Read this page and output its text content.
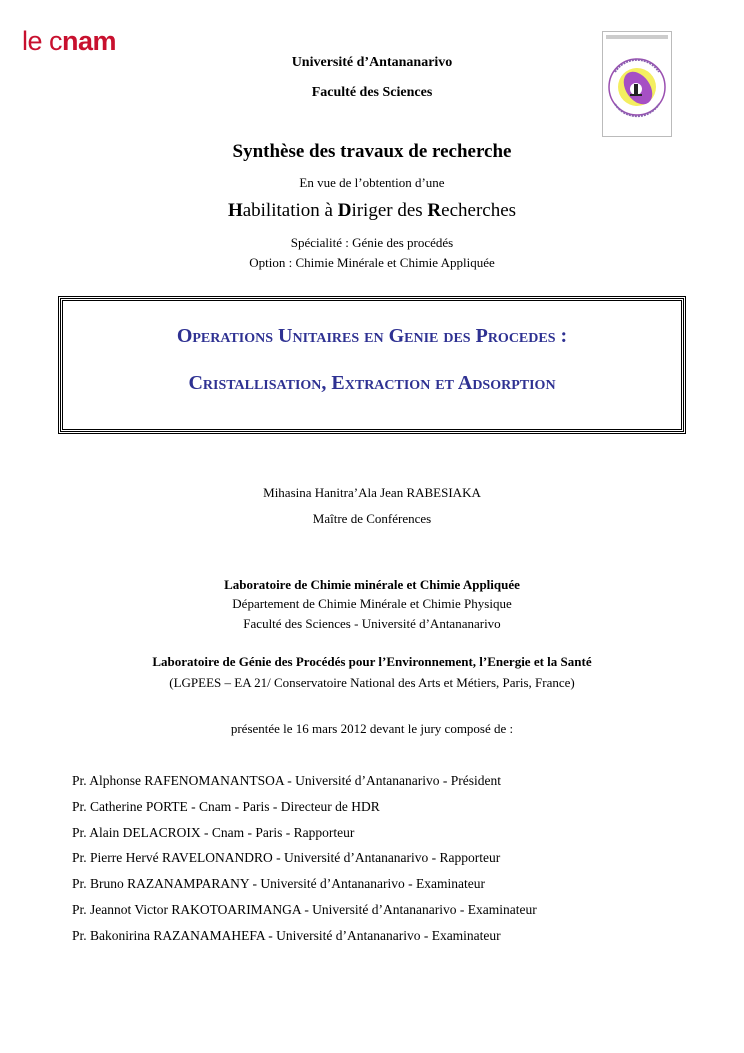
le cnam
Université d’Antananarivo
Faculté des Sciences
Synthèse des travaux de recherche
En vue de l’obtention d’une
Habilitation à Diriger des Recherches
Spécialité : Génie des procédés
Option : Chimie Minérale et Chimie Appliquée
Operations Unitaires en Genie des Procedes :
Cristallisation, Extraction et Adsorption
Mihasina Hanitra’Ala Jean RABESIAKA
Maître de Conférences
Laboratoire de Chimie minérale et Chimie Appliquée
Département de Chimie Minérale et Chimie Physique
Faculté des Sciences - Université d’Antananarivo
Laboratoire de Génie des Procédés pour l’Environnement, l’Energie et la Santé
(LGPEES – EA 21/ Conservatoire National des Arts et Métiers, Paris, France)
présentée le 16 mars 2012 devant le jury composé de :
Pr. Alphonse RAFENOMANANTSOA - Université d’Antananarivo - Président
Pr. Catherine PORTE - Cnam - Paris - Directeur de HDR
Pr. Alain DELACROIX - Cnam - Paris - Rapporteur
Pr. Pierre Hervé RAVELONANDRO - Université d’Antananarivo - Rapporteur
Pr. Bruno RAZANAMPARANY - Université d’Antananarivo - Examinateur
Pr. Jeannot Victor RAKOTOARIMANGA - Université d’Antananarivo - Examinateur
Pr. Bakonirina RAZANAMAHEFA - Université d’Antananarivo - Examinateur
